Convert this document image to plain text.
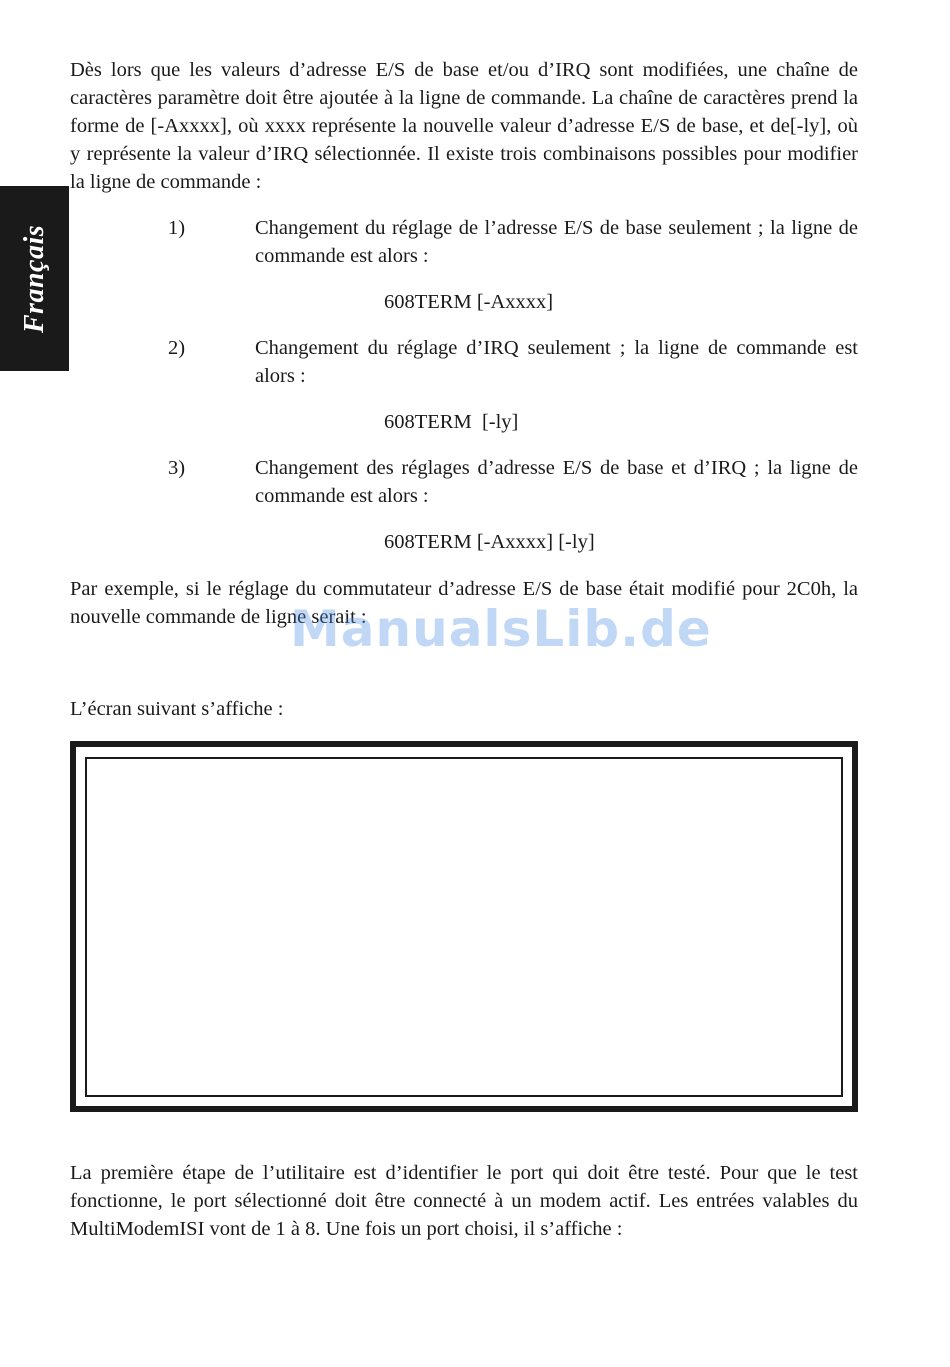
Français

Dès lors que les valeurs d’adresse E/S de base et/ou d’IRQ sont modifiées, une chaîne de caractères paramètre doit être ajoutée à la ligne de commande. La chaîne de caractères prend la forme de [-Axxxx], où xxxx représente la nouvelle valeur d’adresse E/S de base, et de[-ly], où y représente la valeur d’IRQ sélectionnée. Il existe trois combinaisons possibles pour modifier la ligne de commande :

1)	Changement du réglage de l’adresse E/S de base seulement ; la ligne de commande est alors :
608TERM [-Axxxx]
2)	Changement du réglage d’IRQ seulement ; la ligne de commande est alors :
608TERM  [-ly]
3)	Changement des réglages d’adresse E/S de base et d’IRQ ; la ligne de commande est alors :
608TERM [-Axxxx] [-ly]

Par exemple, si le réglage du commutateur d’adresse E/S de base était modifié pour 2C0h, la nouvelle commande de ligne serait :

ManualsLib.de

L’écran suivant s’affiche :

La première étape de l’utilitaire est d’identifier le port qui doit être testé. Pour que le test fonctionne, le port sélectionné doit être connecté à un modem actif. Les entrées valables du MultiModemISI vont de 1 à 8. Une fois un port choisi, il s’affiche :
